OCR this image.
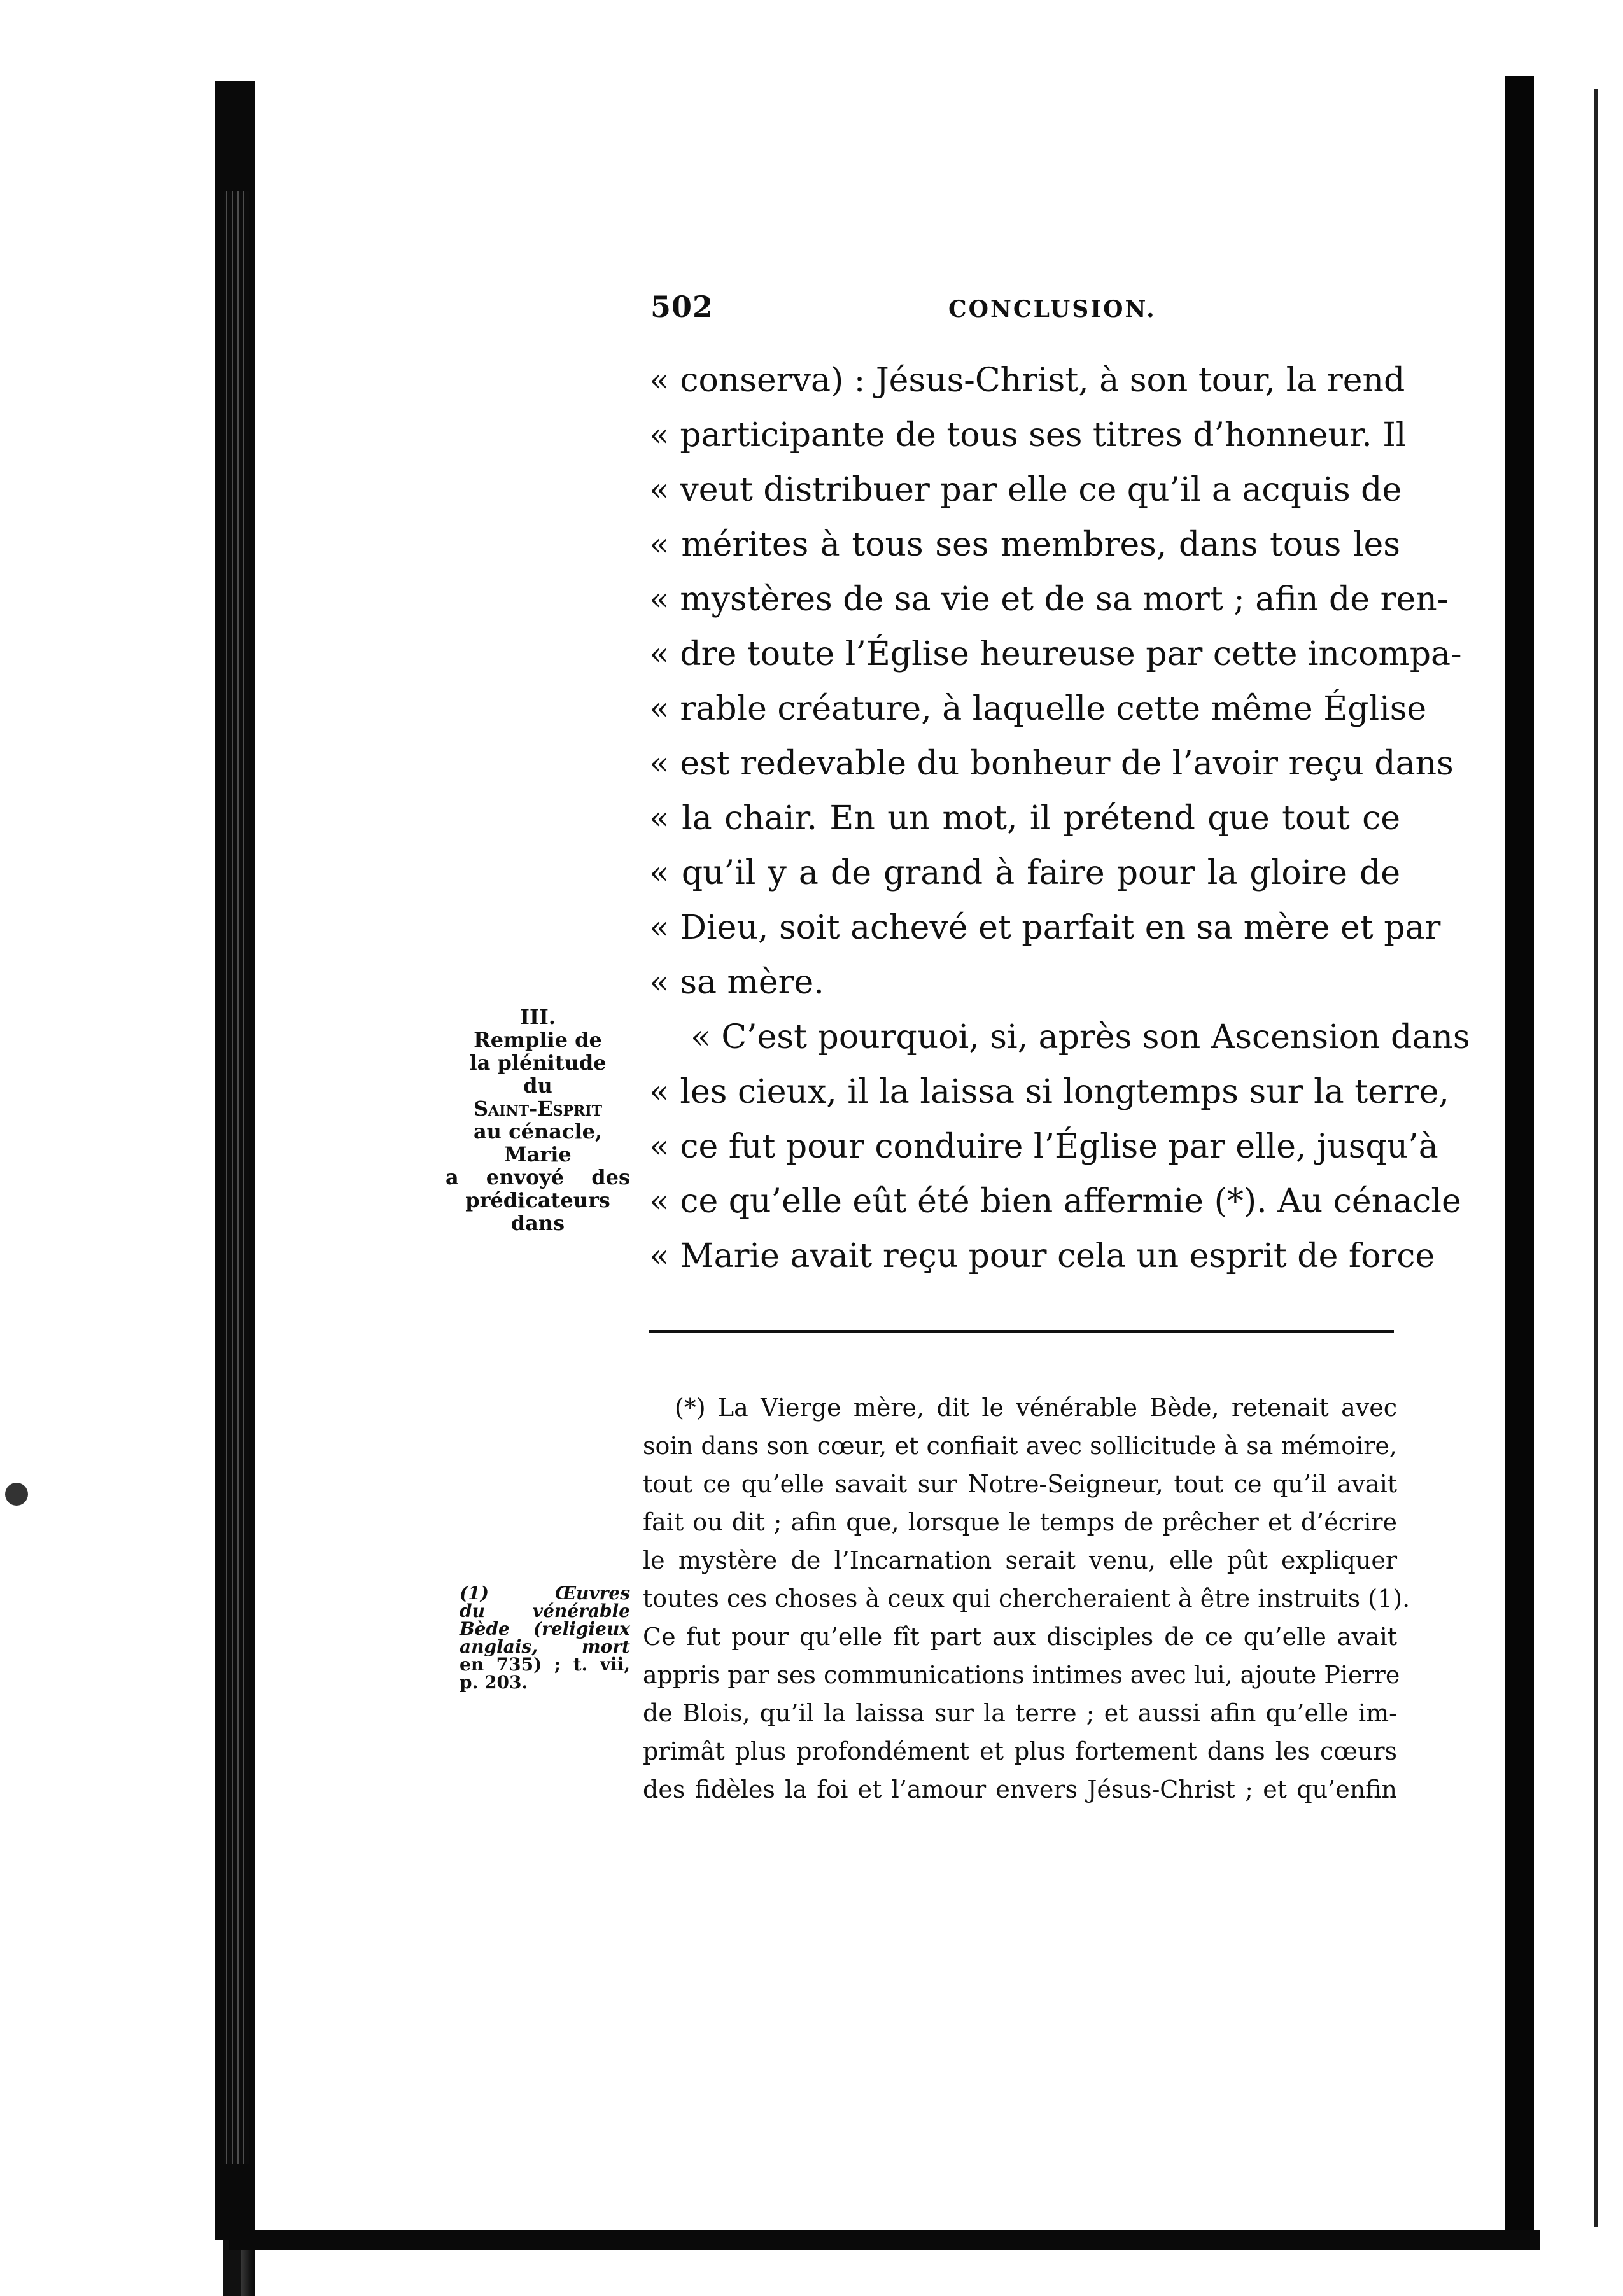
502	CONCLUSION.
« conserva) : Jésus-Christ, à son tour, la rend
« participante de tous ses titres d’honneur. Il
« veut distribuer par elle ce qu’il a acquis de
« mérites à tous ses membres, dans tous les
« mystères de sa vie et de sa mort ; afin de ren-
« dre toute l’Église heureuse par cette incompa-
« rable créature, à laquelle cette même Église
« est redevable du bonheur de l’avoir reçu dans
« la chair. En un mot, il prétend que tout ce
« qu’il y a de grand à faire pour la gloire de
« Dieu, soit achevé et parfait en sa mère et par
« sa mère.
« C’est pourquoi, si, après son Ascension dans
« les cieux, il la laissa si longtemps sur la terre,
« ce fut pour conduire l’Église par elle, jusqu’à
« ce qu’elle eût été bien affermie (*). Au cénacle
« Marie avait reçu pour cela un esprit de force
III.
Remplie de
la plénitude
du
Saint-Esprit
au cénacle,
Marie
a envoyé des
prédicateurs
dans
(*) La Vierge mère, dit le vénérable Bède, retenait avec
soin dans son cœur, et confiait avec sollicitude à sa mémoire,
tout ce qu’elle savait sur Notre-Seigneur, tout ce qu’il avait
fait ou dit ; afin que, lorsque le temps de prêcher et d’écrire
le mystère de l’Incarnation serait venu, elle pût expliquer
toutes ces choses à ceux qui chercheraient à être instruits (1).
Ce fut pour qu’elle fît part aux disciples de ce qu’elle avait
appris par ses communications intimes avec lui, ajoute Pierre
de Blois, qu’il la laissa sur la terre ; et aussi afin qu’elle im-
primât plus profondément et plus fortement dans les cœurs
des fidèles la foi et l’amour envers Jésus-Christ ; et qu’enfin
(1) Œuvres
du vénérable
Bède (religieux
anglais, mort
en 735) ; t. vii,
p. 203.
